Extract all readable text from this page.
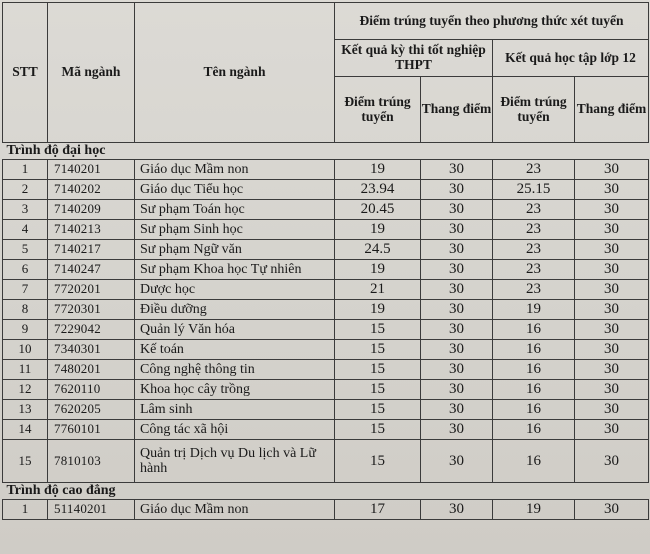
STT	Mã ngành	Tên ngành	Điểm trúng tuyển theo phương thức xét tuyển			
			Kết quả kỳ thi tốt nghiệp THPT		Kết quả học tập lớp 12	
			Điểm trúng tuyển	Thang điểm	Điểm trúng tuyển	Thang điểm
Trình độ đại học						
1	7140201	Giáo dục Mầm non	19	30	23	30
2	7140202	Giáo dục Tiểu học	23.94	30	25.15	30
3	7140209	Sư phạm Toán học	20.45	30	23	30
4	7140213	Sư phạm Sinh học	19	30	23	30
5	7140217	Sư phạm Ngữ văn	24.5	30	23	30
6	7140247	Sư phạm Khoa học Tự nhiên	19	30	23	30
7	7720201	Dược học	21	30	23	30
8	7720301	Điều dưỡng	19	30	19	30
9	7229042	Quản lý Văn hóa	15	30	16	30
10	7340301	Kế toán	15	30	16	30
11	7480201	Công nghệ thông tin	15	30	16	30
12	7620110	Khoa học cây trồng	15	30	16	30
13	7620205	Lâm sinh	15	30	16	30
14	7760101	Công tác xã hội	15	30	16	30
15	7810103	Quản trị Dịch vụ Du lịch và Lữ hành	15	30	16	30
Trình độ cao đẳng						
1	51140201	Giáo dục Mầm non	17	30	19	30
